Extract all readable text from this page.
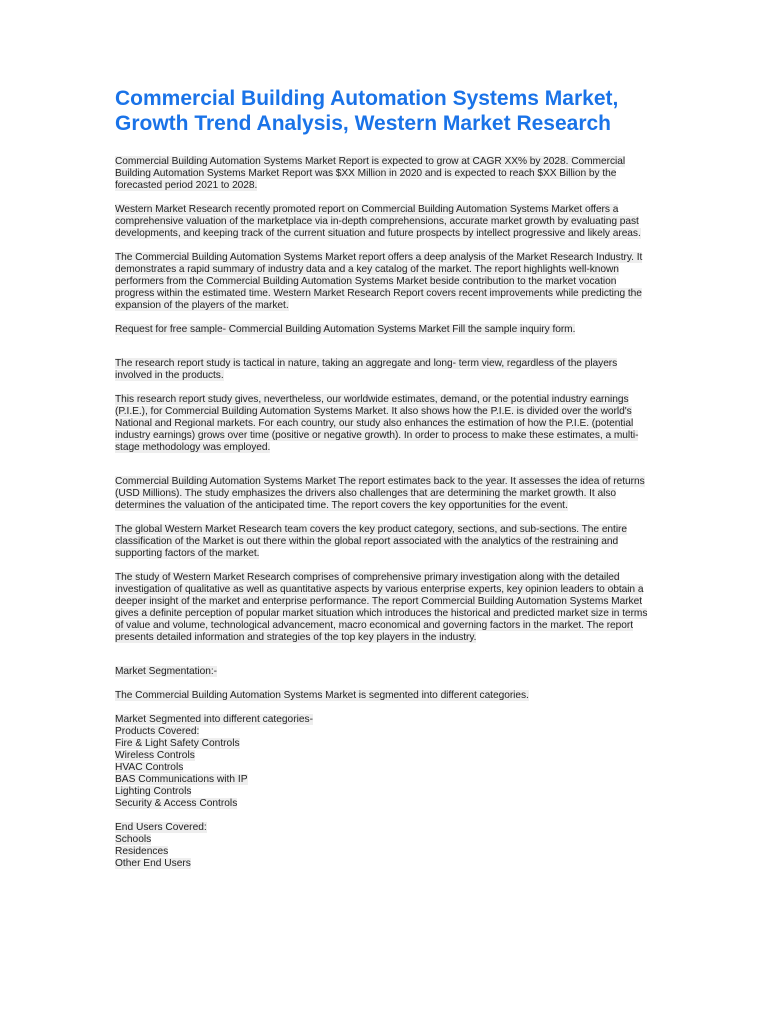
Commercial Building Automation Systems Market, Growth Trend Analysis, Western Market Research

Commercial Building Automation Systems Market Report is expected to grow at CAGR XX% by 2028. Commercial Building Automation Systems Market Report was $XX Million in 2020 and is expected to reach $XX Billion by the forecasted period 2021 to 2028.

Western Market Research recently promoted report on Commercial Building Automation Systems Market offers a comprehensive valuation of the marketplace via in-depth comprehensions, accurate market growth by evaluating past developments, and keeping track of the current situation and future prospects by intellect progressive and likely areas.

The Commercial Building Automation Systems Market report offers a deep analysis of the Market Research Industry. It demonstrates a rapid summary of industry data and a key catalog of the market. The report highlights well-known performers from the Commercial Building Automation Systems Market beside contribution to the market vocation progress within the estimated time. Western Market Research Report covers recent improvements while predicting the expansion of the players of the market.

Request for free sample- Commercial Building Automation Systems Market Fill the sample inquiry form.

The research report study is tactical in nature, taking an aggregate and long- term view, regardless of the players involved in the products.

This research report study gives, nevertheless, our worldwide estimates, demand, or the potential industry earnings (P.I.E.), for Commercial Building Automation Systems Market. It also shows how the P.I.E. is divided over the world's National and Regional markets. For each country, our study also enhances the estimation of how the P.I.E. (potential industry earnings) grows over time (positive or negative growth). In order to process to make these estimates, a multi-stage methodology was employed.

Commercial Building Automation Systems Market The report estimates back to the year. It assesses the idea of returns (USD Millions). The study emphasizes the drivers also challenges that are determining the market growth. It also determines the valuation of the anticipated time. The report covers the key opportunities for the event.

The global Western Market Research team covers the key product category, sections, and sub-sections. The entire classification of the Market is out there within the global report associated with the analytics of the restraining and supporting factors of the market.

The study of Western Market Research comprises of comprehensive primary investigation along with the detailed investigation of qualitative as well as quantitative aspects by various enterprise experts, key opinion leaders to obtain a deeper insight of the market and enterprise performance. The report Commercial Building Automation Systems Market gives a definite perception of popular market situation which introduces the historical and predicted market size in terms of value and volume, technological advancement, macro economical and governing factors in the market. The report presents detailed information and strategies of the top key players in the industry.

Market Segmentation:-

The Commercial Building Automation Systems Market is segmented into different categories.

Market Segmented into different categories-
Products Covered:
Fire & Light Safety Controls
Wireless Controls
HVAC Controls
BAS Communications with IP
Lighting Controls
Security & Access Controls
End Users Covered:
Schools
Residences
Other End Users
